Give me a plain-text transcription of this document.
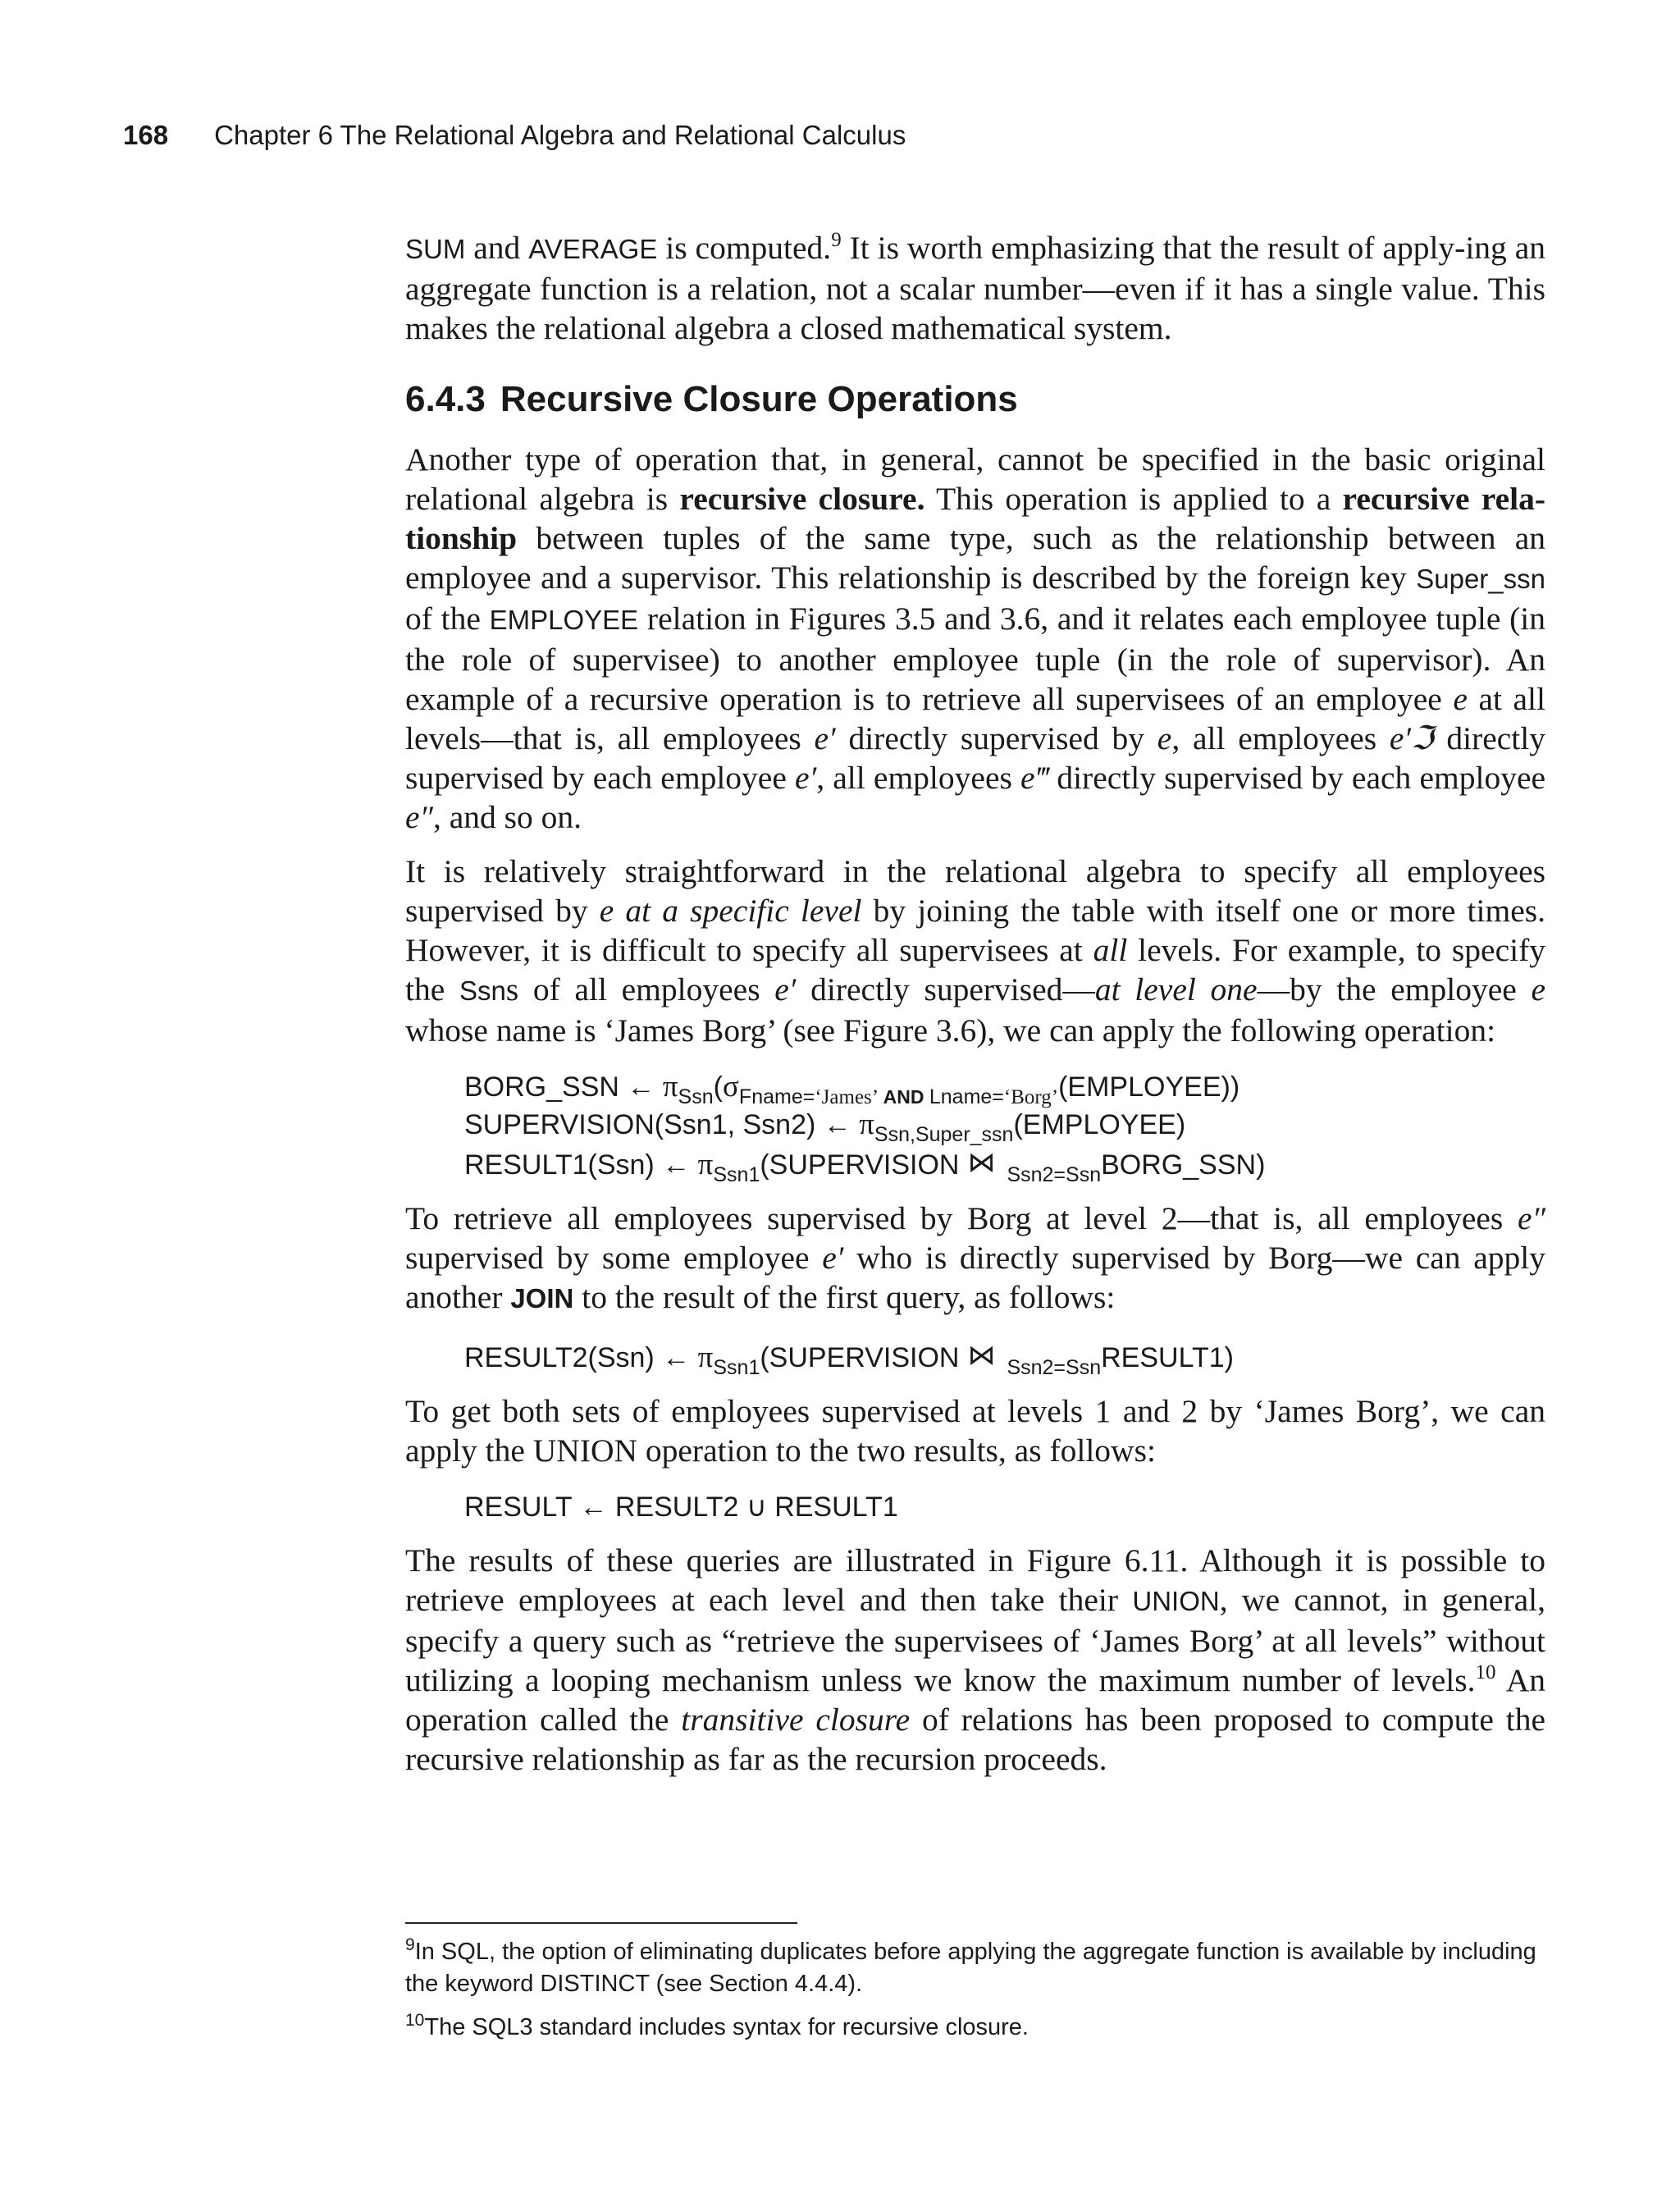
168 Chapter 6 The Relational Algebra and Relational Calculus

SUM and AVERAGE is computed.$^9$ It is worth emphasizing that the result of apply-ing an aggregate function is a relation, not a scalar number—even if it has a single value. This makes the relational algebra a closed mathematical system.

6.4.3 Recursive Closure Operations

Another type of operation that, in general, cannot be specified in the basic original relational algebra is recursive closure. This operation is applied to a recursive rela-tionship between tuples of the same type, such as the relationship between an employee and a supervisor. This relationship is described by the foreign key Super_ssn of the EMPLOYEE relation in Figures 3.5 and 3.6, and it relates each employee tuple (in the role of supervisee) to another employee tuple (in the role of supervisor). An example of a recursive operation is to retrieve all supervisees of an employee e at all levels—that is, all employees e′ directly supervised by e, all employees e′ℑ directly supervised by each employee e′, all employees e‴ directly supervised by each employee e″, and so on.

It is relatively straightforward in the relational algebra to specify all employees supervised by e at a specific level by joining the table with itself one or more times. However, it is difficult to specify all supervisees at all levels. For example, to specify the Ssns of all employees e′ directly supervised—at level one—by the employee e whose name is ‘James Borg’ (see Figure 3.6), we can apply the following operation:

BORG_SSN ← $\pi_{Ssn}(\sigma_{Fname=‘James’ AND Lname=‘Borg’}(EMPLOYEE))$
SUPERVISION(Ssn1, Ssn2) ← $\pi_{Ssn,Super\_ssn}(EMPLOYEE)$
RESULT1(Ssn) ← $\pi_{Ssn1}(SUPERVISION$ ⋈ $_{Ssn2=Ssn}$BORG_SSN)

To retrieve all employees supervised by Borg at level 2—that is, all employees e″ supervised by some employee e′ who is directly supervised by Borg—we can apply another JOIN to the result of the first query, as follows:

RESULT2(Ssn) ← $\pi_{Ssn1}(SUPERVISION$ ⋈ $_{Ssn2=Ssn}$RESULT1)

To get both sets of employees supervised at levels 1 and 2 by ‘James Borg’, we can apply the UNION operation to the two results, as follows:

RESULT ← RESULT2 ∪ RESULT1

The results of these queries are illustrated in Figure 6.11. Although it is possible to retrieve employees at each level and then take their UNION, we cannot, in general, specify a query such as “retrieve the supervisees of ‘James Borg’ at all levels” without utilizing a looping mechanism unless we know the maximum number of levels.$^{10}$ An operation called the transitive closure of relations has been proposed to compute the recursive relationship as far as the recursion proceeds.

$^9$In SQL, the option of eliminating duplicates before applying the aggregate function is available by including the keyword DISTINCT (see Section 4.4.4).

$^{10}$The SQL3 standard includes syntax for recursive closure.
